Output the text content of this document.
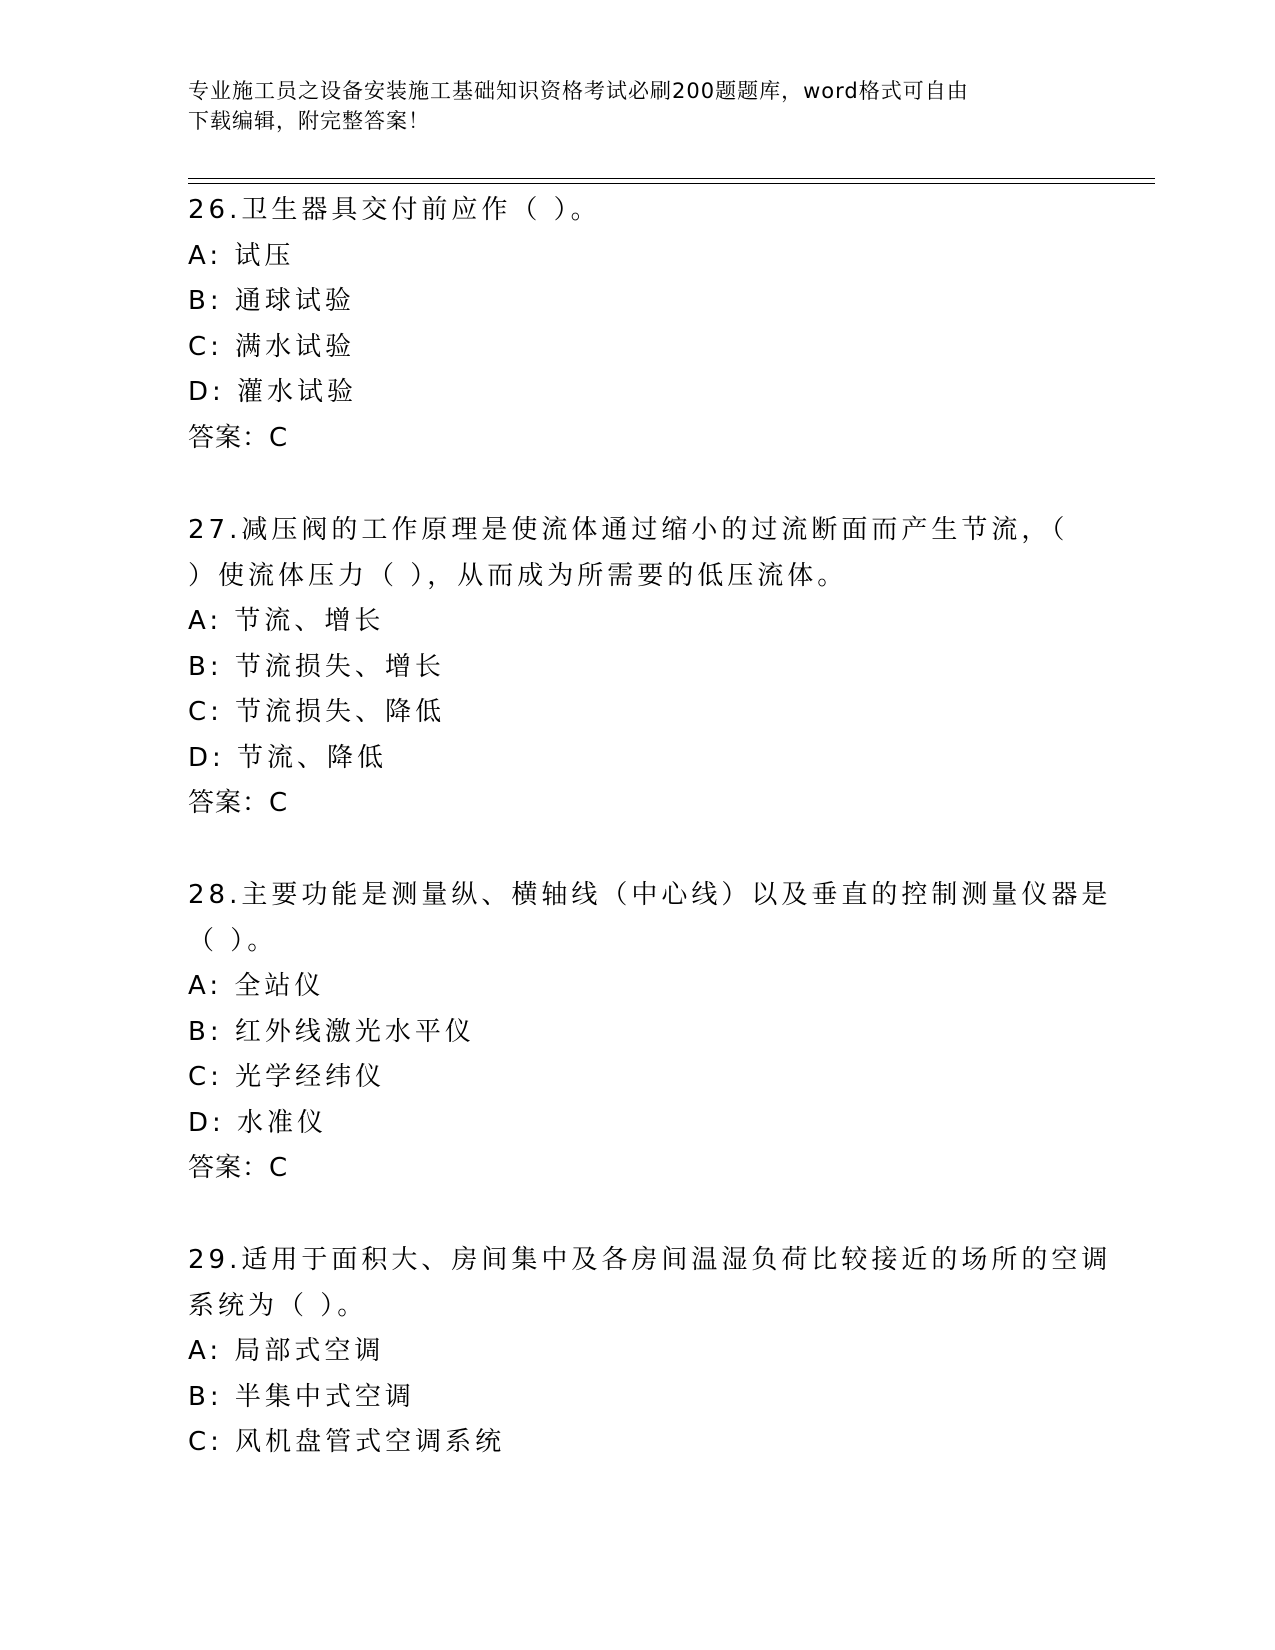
专业施工员之设备安装施工基础知识资格考试必刷200题题库，word格式可自由
下载编辑，附完整答案！
26.卫生器具交付前应作（ ）。
A: 试压
B: 通球试验
C: 满水试验
D: 灌水试验
答案：C
27.减压阀的工作原理是使流体通过缩小的过流断面而产生节流，（
）使流体压力（ ），从而成为所需要的低压流体。
A: 节流、增长
B: 节流损失、增长
C: 节流损失、降低
D: 节流、降低
答案：C
28.主要功能是测量纵、横轴线（中心线）以及垂直的控制测量仪器是
（ ）。
A: 全站仪
B: 红外线激光水平仪
C: 光学经纬仪
D: 水准仪
答案：C
29.适用于面积大、房间集中及各房间温湿负荷比较接近的场所的空调
系统为（ ）。
A: 局部式空调
B: 半集中式空调
C: 风机盘管式空调系统
